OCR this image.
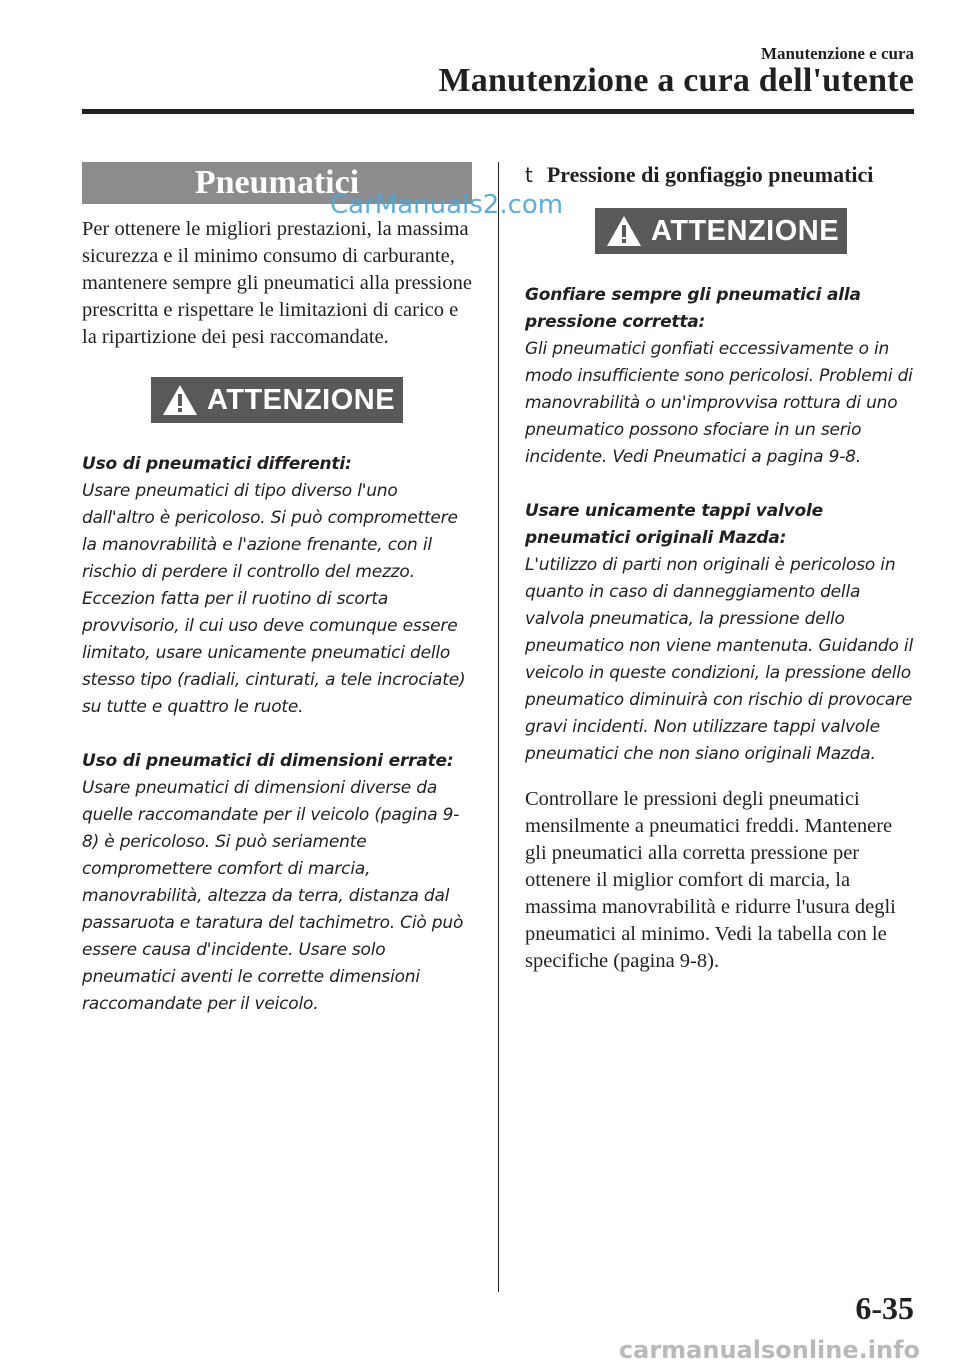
Manutenzione e cura
Manutenzione a cura dell'utente
Pneumatici

Per ottenere le migliori prestazioni, la massima sicurezza e il minimo consumo di carburante, mantenere sempre gli pneumatici alla pressione prescritta e rispettare le limitazioni di carico e la ripartizione dei pesi raccomandate.

ATTENZIONE

Uso di pneumatici differenti:
Usare pneumatici di tipo diverso l'uno dall'altro è pericoloso. Si può compromettere la manovrabilità e l'azione frenante, con il rischio di perdere il controllo del mezzo. Eccezion fatta per il ruotino di scorta provvisorio, il cui uso deve comunque essere limitato, usare unicamente pneumatici dello stesso tipo (radiali, cinturati, a tele incrociate) su tutte e quattro le ruote.

Uso di pneumatici di dimensioni errate:
Usare pneumatici di dimensioni diverse da quelle raccomandate per il veicolo (pagina 9-8) è pericoloso. Si può seriamente compromettere comfort di marcia, manovrabilità, altezza da terra, distanza dal passaruota e taratura del tachimetro. Ciò può essere causa d'incidente. Usare solo pneumatici aventi le corrette dimensioni raccomandate per il veicolo.

t Pressione di gonfiaggio pneumatici
ATTENZIONE

Gonfiare sempre gli pneumatici alla pressione corretta:
Gli pneumatici gonfiati eccessivamente o in modo insufficiente sono pericolosi. Problemi di manovrabilità o un'improvvisa rottura di uno pneumatico possono sfociare in un serio incidente. Vedi Pneumatici a pagina 9-8.

Usare unicamente tappi valvole pneumatici originali Mazda:
L'utilizzo di parti non originali è pericoloso in quanto in caso di danneggiamento della valvola pneumatica, la pressione dello pneumatico non viene mantenuta. Guidando il veicolo in queste condizioni, la pressione dello pneumatico diminuirà con rischio di provocare gravi incidenti. Non utilizzare tappi valvole pneumatici che non siano originali Mazda.

Controllare le pressioni degli pneumatici mensilmente a pneumatici freddi. Mantenere gli pneumatici alla corretta pressione per ottenere il miglior comfort di marcia, la massima manovrabilità e ridurre l'usura degli pneumatici al minimo. Vedi la tabella con le specifiche (pagina 9-8).

6-35
CarManuals2.com
carmanualsonline.info
